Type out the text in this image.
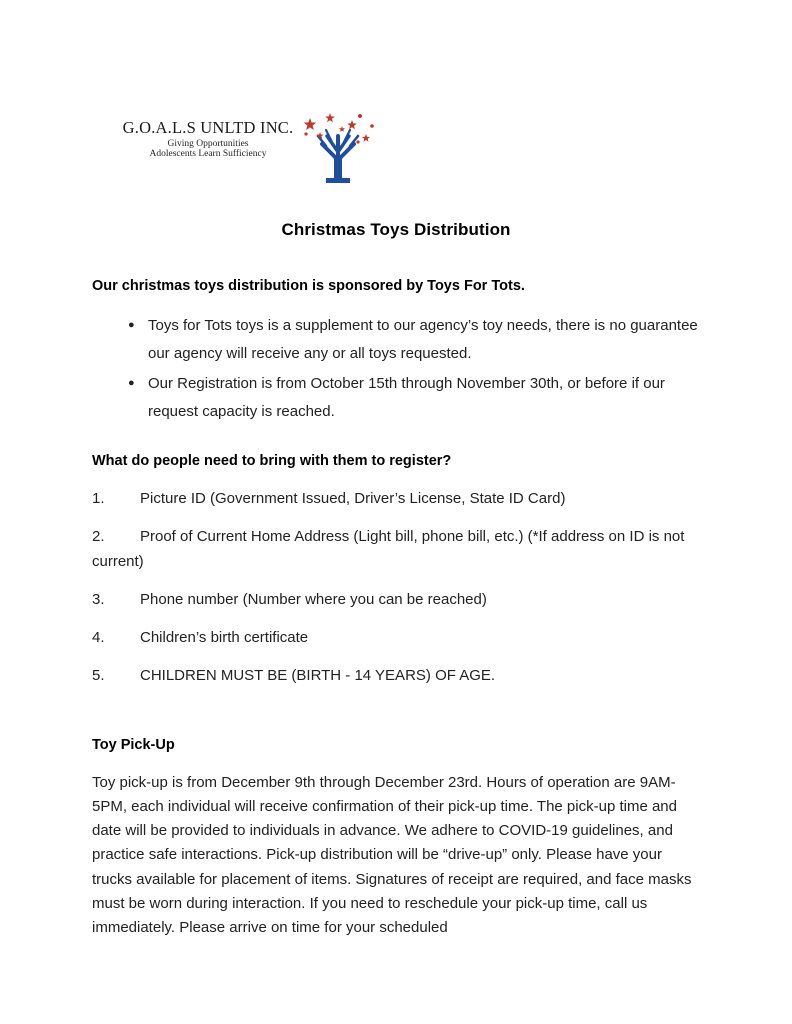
G.O.A.L.S UNLTD INC.
Giving Opportunities
Adolescents Learn Sufficiency
Christmas Toys Distribution

Our christmas toys distribution is sponsored by Toys For Tots.

● Toys for Tots toys is a supplement to our agency’s toy needs, there is no guarantee our agency will receive any or all toys requested.
● Our Registration is from October 15th through November 30th, or before if our request capacity is reached.
What do people need to bring with them to register?
1.	Picture ID (Government Issued, Driver’s License, State ID Card)
2.	Proof of Current Home Address (Light bill, phone bill, etc.) (*If address on ID is not current)
3.	Phone number (Number where you can be reached)
4.	Children’s birth certificate
5.	CHILDREN MUST BE (BIRTH - 14 YEARS) OF AGE.
Toy Pick-Up

Toy pick-up is from December 9th through December 23rd. Hours of operation are 9AM-5PM, each individual will receive confirmation of their pick-up time. The pick-up time and date will be provided to individuals in advance. We adhere to COVID-19 guidelines, and practice safe interactions. Pick-up distribution will be “drive-up” only. Please have your trucks available for placement of items. Signatures of receipt are required, and face masks must be worn during interaction. If you need to reschedule your pick-up time, call us immediately. Please arrive on time for your scheduled
